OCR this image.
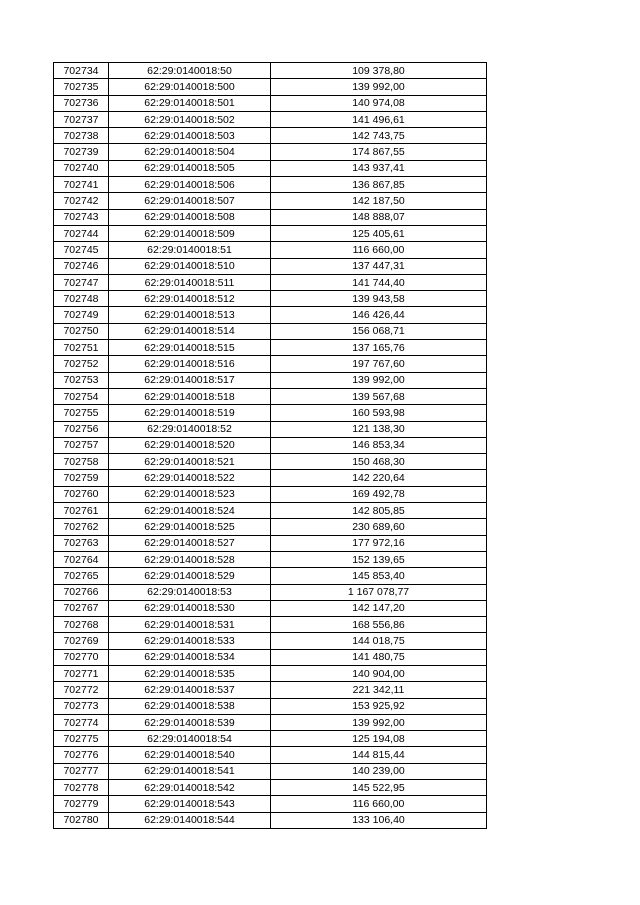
702734	62:29:0140018:50	109 378,80
702735	62:29:0140018:500	139 992,00
702736	62:29:0140018:501	140 974,08
702737	62:29:0140018:502	141 496,61
702738	62:29:0140018:503	142 743,75
702739	62:29:0140018:504	174 867,55
702740	62:29:0140018:505	143 937,41
702741	62:29:0140018:506	136 867,85
702742	62:29:0140018:507	142 187,50
702743	62:29:0140018:508	148 888,07
702744	62:29:0140018:509	125 405,61
702745	62:29:0140018:51	116 660,00
702746	62:29:0140018:510	137 447,31
702747	62:29:0140018:511	141 744,40
702748	62:29:0140018:512	139 943,58
702749	62:29:0140018:513	146 426,44
702750	62:29:0140018:514	156 068,71
702751	62:29:0140018:515	137 165,76
702752	62:29:0140018:516	197 767,60
702753	62:29:0140018:517	139 992,00
702754	62:29:0140018:518	139 567,68
702755	62:29:0140018:519	160 593,98
702756	62:29:0140018:52	121 138,30
702757	62:29:0140018:520	146 853,34
702758	62:29:0140018:521	150 468,30
702759	62:29:0140018:522	142 220,64
702760	62:29:0140018:523	169 492,78
702761	62:29:0140018:524	142 805,85
702762	62:29:0140018:525	230 689,60
702763	62:29:0140018:527	177 972,16
702764	62:29:0140018:528	152 139,65
702765	62:29:0140018:529	145 853,40
702766	62:29:0140018:53	1 167 078,77
702767	62:29:0140018:530	142 147,20
702768	62:29:0140018:531	168 556,86
702769	62:29:0140018:533	144 018,75
702770	62:29:0140018:534	141 480,75
702771	62:29:0140018:535	140 904,00
702772	62:29:0140018:537	221 342,11
702773	62:29:0140018:538	153 925,92
702774	62:29:0140018:539	139 992,00
702775	62:29:0140018:54	125 194,08
702776	62:29:0140018:540	144 815,44
702777	62:29:0140018:541	140 239,00
702778	62:29:0140018:542	145 522,95
702779	62:29:0140018:543	116 660,00
702780	62:29:0140018:544	133 106,40
